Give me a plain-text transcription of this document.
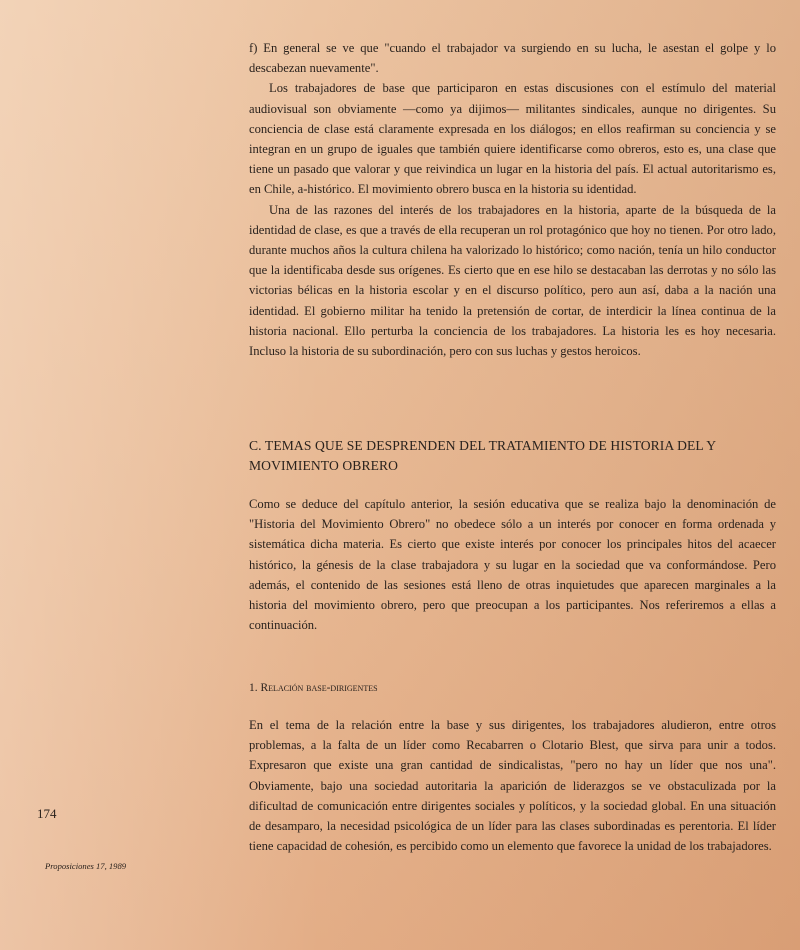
f) En general se ve que "cuando el trabajador va surgiendo en su lucha, le asestan el golpe y lo descabezan nuevamente".

Los trabajadores de base que participaron en estas discusiones con el estímulo del material audiovisual son obviamente —como ya dijimos— militantes sindicales, aunque no dirigentes. Su conciencia de clase está claramente expresada en los diálogos; en ellos reafirman su conciencia y se integran en un grupo de iguales que también quiere identificarse como obreros, esto es, una clase que tiene un pasado que valorar y que reivindica un lugar en la historia del país. El actual autoritarismo es, en Chile, a-histórico. El movimiento obrero busca en la historia su identidad.

Una de las razones del interés de los trabajadores en la historia, aparte de la búsqueda de la identidad de clase, es que a través de ella recuperan un rol protagónico que hoy no tienen. Por otro lado, durante muchos años la cultura chilena ha valorizado lo histórico; como nación, tenía un hilo conductor que la identificaba desde sus orígenes. Es cierto que en ese hilo se destacaban las derrotas y no sólo las victorias bélicas en la historia escolar y en el discurso político, pero aun así, daba a la nación una identidad. El gobierno militar ha tenido la pretensión de cortar, de interdicir la línea continua de la historia nacional. Ello perturba la conciencia de los trabajadores. La historia les es hoy necesaria. Incluso la historia de su subordinación, pero con sus luchas y gestos heroicos.

C. TEMAS QUE SE DESPRENDEN DEL TRATAMIENTO DE HISTORIA DEL Y MOVIMIENTO OBRERO

Como se deduce del capítulo anterior, la sesión educativa que se realiza bajo la denominación de "Historia del Movimiento Obrero" no obedece sólo a un interés por conocer en forma ordenada y sistemática dicha materia. Es cierto que existe interés por conocer los principales hitos del acaecer histórico, la génesis de la clase trabajadora y su lugar en la sociedad que va conformándose. Pero además, el contenido de las sesiones está lleno de otras inquietudes que aparecen marginales a la historia del movimiento obrero, pero que preocupan a los participantes. Nos referiremos a ellas a continuación.

1. Relación base-dirigentes

En el tema de la relación entre la base y sus dirigentes, los trabajadores aludieron, entre otros problemas, a la falta de un líder como Recabarren o Clotario Blest, que sirva para unir a todos. Expresaron que existe una gran cantidad de sindicalistas, "pero no hay un líder que nos una". Obviamente, bajo una sociedad autoritaria la aparición de liderazgos se ve obstaculizada por la dificultad de comunicación entre dirigentes sociales y políticos, y la sociedad global. En una situación de desamparo, la necesidad psicológica de un líder para las clases subordinadas es perentoria. El líder tiene capacidad de cohesión, es percibido como un elemento que favorece la unidad de los trabajadores.

174
Proposiciones 17, 1989
